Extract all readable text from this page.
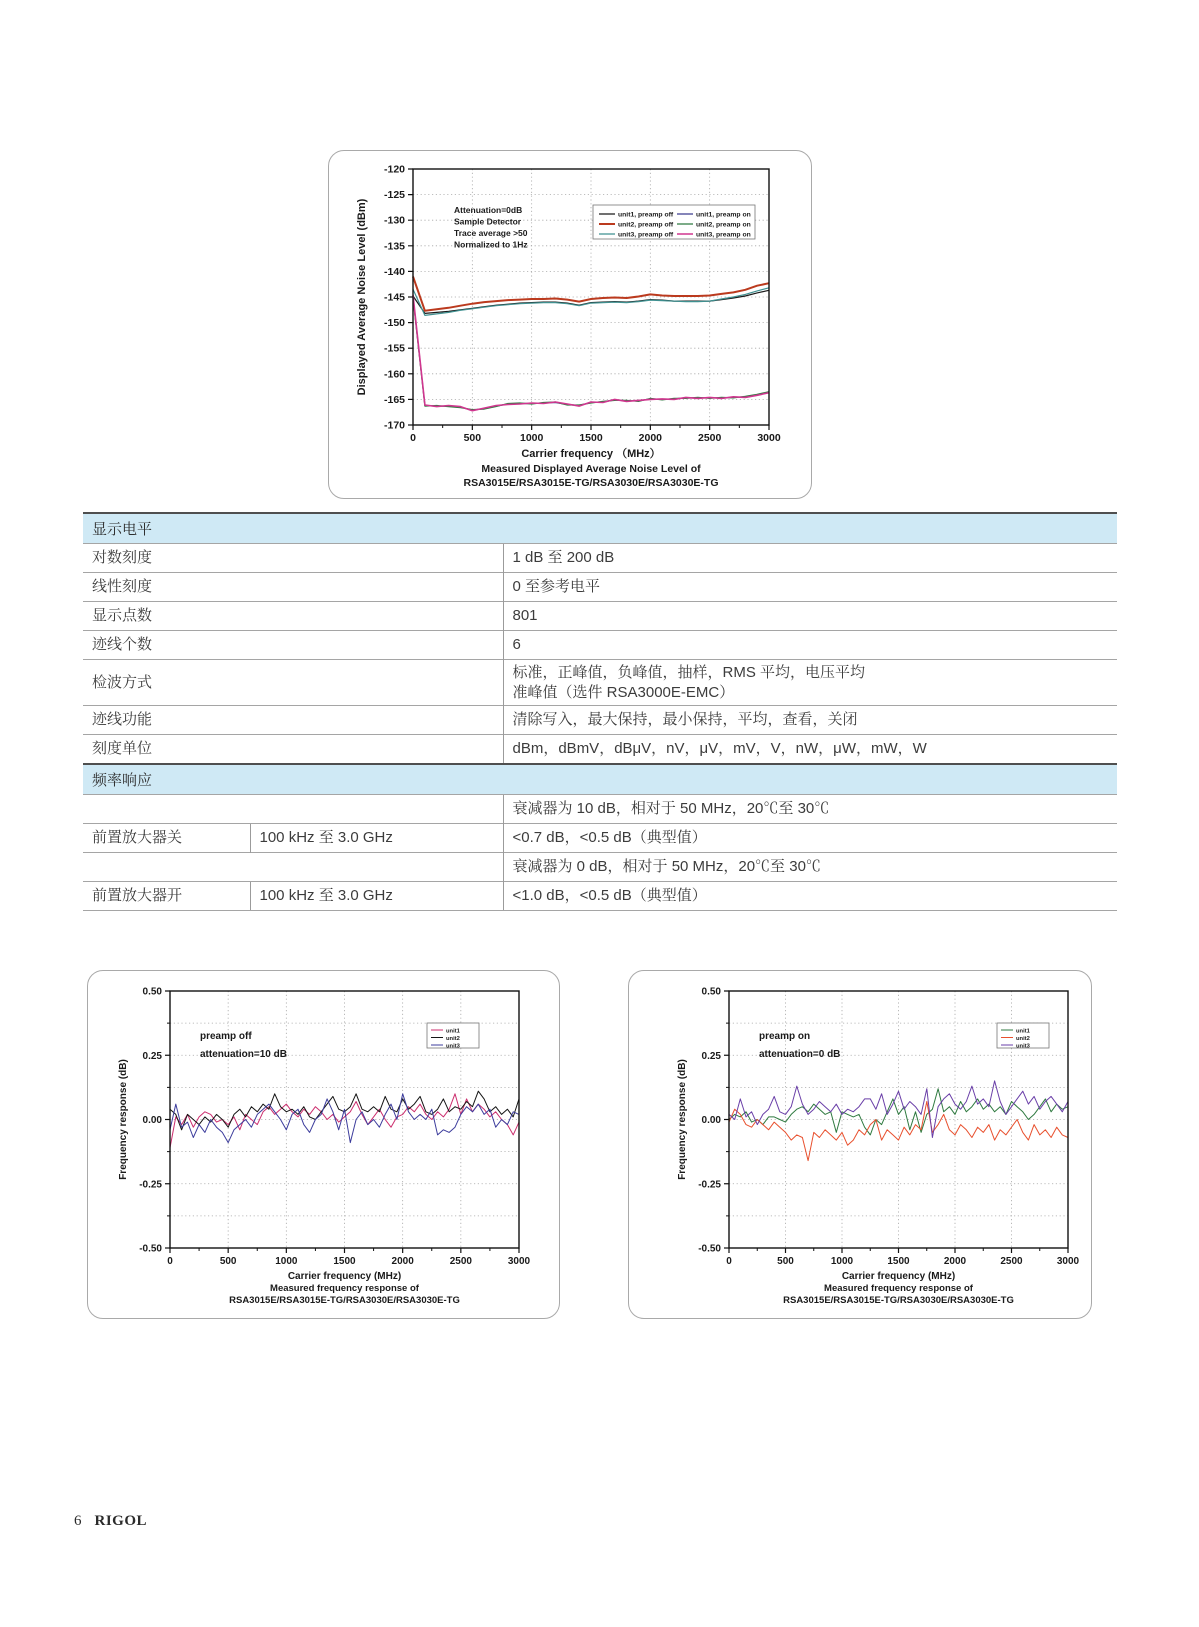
0	500	1000	1500	2000	2500	3000
-170
-165
-160
-155
-150
-145
-140
-135
-130
-125
-120
Displayed Average Noise Level (dBm)
Carrier frequency （MHz）
Measured Displayed Average Noise Level of
RSA3015E/RSA3015E-TG/RSA3030E/RSA3030E-TG
Attenuation=0dB
Sample Detector
Trace average >50
Normalized to 1Hz
unit1, preamp off
unit2, preamp off
unit3, preamp off
unit1, preamp on
unit2, preamp on
unit3, preamp on
显示电平		
对数刻度		1 dB 至 200 dB
线性刻度		0 至参考电平
显示点数		801
迹线个数		6
检波方式		标准，正峰值，负峰值，抽样，RMS 平均，电压平均
准峰值（选件 RSA3000E-EMC）

迹线功能		清除写入，最大保持，最小保持，平均，查看，关闭
刻度单位		dBm，dBmV，dBμV，nV，μV，mV，V，nW，μW，mW，W
频率响应		
		衰减器为 10 dB，相对于 50 MHz，20℃至 30℃
前置放大器关	100 kHz 至 3.0 GHz	<0.7 dB，<0.5 dB（典型值）
		衰减器为 0 dB，相对于 50 MHz，20℃至 30℃
前置放大器开	100 kHz 至 3.0 GHz	<1.0 dB，<0.5 dB（典型值）
0	500	1000	1500	2000	2500	3000
-0.50
-0.25
0.00
0.25
0.50
Frequency response (dB)
Carrier frequency (MHz)
Measured frequency response of
RSA3015E/RSA3015E-TG/RSA3030E/RSA3030E-TG
preamp off
attenuation=10 dB
unit1
unit2
unit3
0	500	1000	1500	2000	2500	3000
-0.50
-0.25
0.00
0.25
0.50
Frequency response (dB)
Carrier frequency (MHz)
Measured frequency response of
RSA3015E/RSA3015E-TG/RSA3030E/RSA3030E-TG
preamp on
attenuation=0 dB
unit1
unit2
unit3
6 RIGOL
